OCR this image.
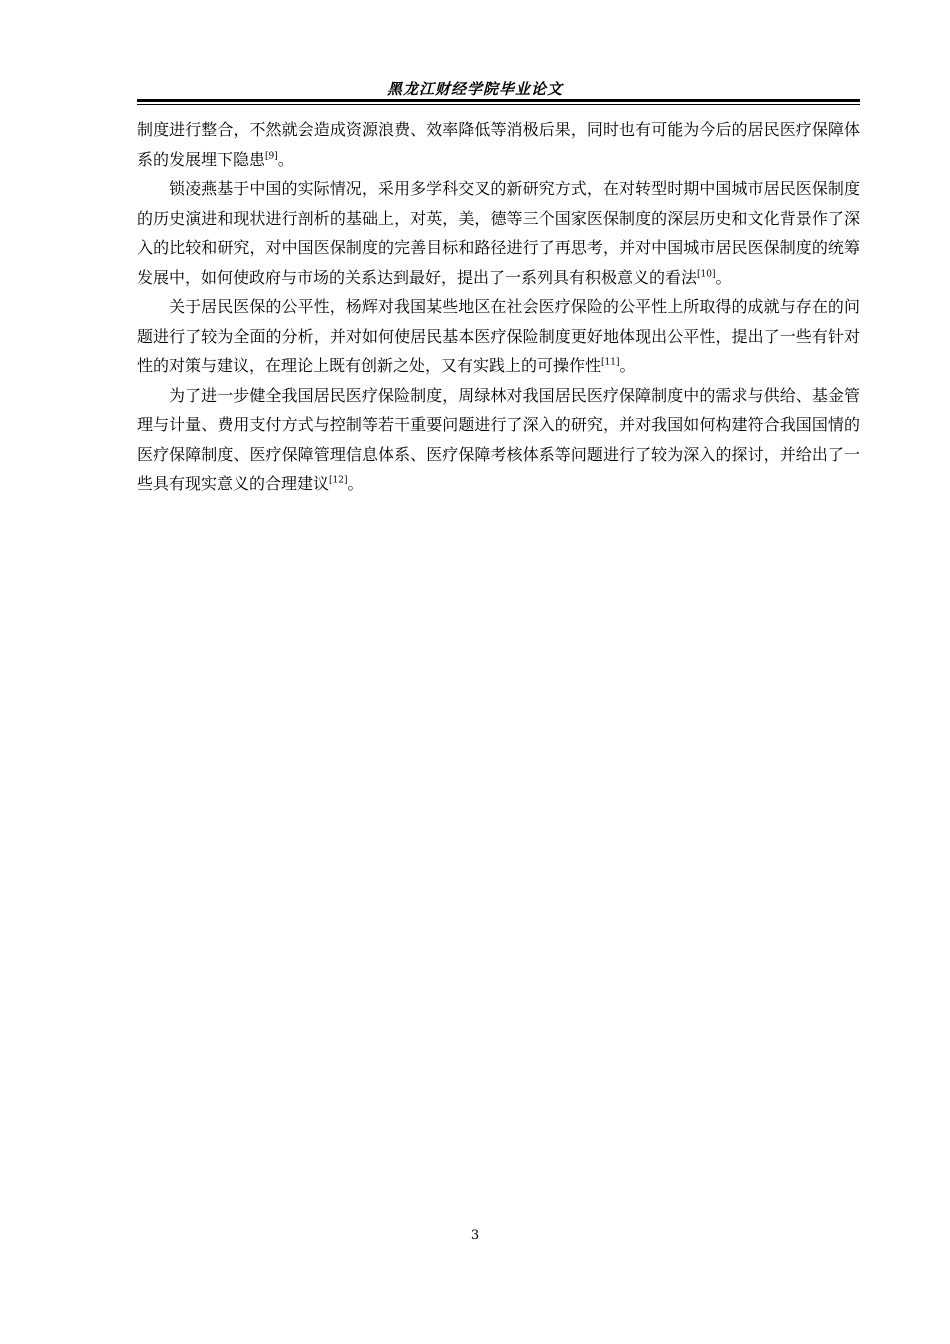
黑龙江财经学院毕业论文

制度进行整合，不然就会造成资源浪费、效率降低等消极后果，同时也有可能为今后的居民医疗保障体系的发展埋下隐患[9]。

锁凌燕基于中国的实际情况，采用多学科交叉的新研究方式，在对转型时期中国城市居民医保制度的历史演进和现状进行剖析的基础上，对英，美，德等三个国家医保制度的深层历史和文化背景作了深入的比较和研究，对中国医保制度的完善目标和路径进行了再思考，并对中国城市居民医保制度的统筹发展中，如何使政府与市场的关系达到最好，提出了一系列具有积极意义的看法[10]。

关于居民医保的公平性，杨辉对我国某些地区在社会医疗保险的公平性上所取得的成就与存在的问题进行了较为全面的分析，并对如何使居民基本医疗保险制度更好地体现出公平性，提出了一些有针对性的对策与建议，在理论上既有创新之处，又有实践上的可操作性[11]。

为了进一步健全我国居民医疗保险制度，周绿林对我国居民医疗保障制度中的需求与供给、基金管理与计量、费用支付方式与控制等若干重要问题进行了深入的研究，并对我国如何构建符合我国国情的医疗保障制度、医疗保障管理信息体系、医疗保障考核体系等问题进行了较为深入的探讨，并给出了一些具有现实意义的合理建议[12]。

3
